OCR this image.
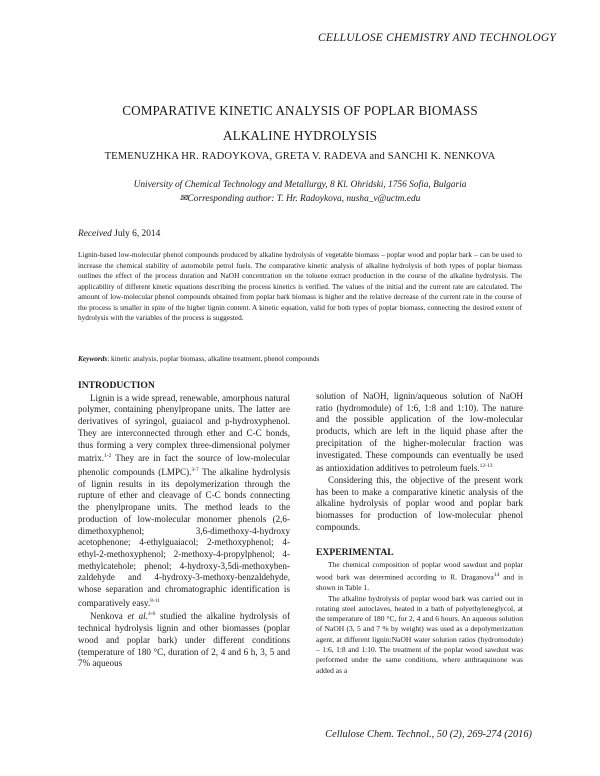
CELLULOSE CHEMISTRY AND TECHNOLOGY
COMPARATIVE KINETIC ANALYSIS OF POPLAR BIOMASS
ALKALINE HYDROLYSIS
TEMENUZHKA HR. RADOYKOVA, GRETA V. RADEVA and SANCHI K. NENKOVA
University of Chemical Technology and Metallurgy, 8 Kl. Ohridski, 1756 Sofia, Bulgaria
✉Corresponding author: T. Hr. Radoykova, nusha_v@uctm.edu
Received July 6, 2014
Lignin-based low-molecular phenol compounds produced by alkaline hydrolysis of vegetable biomass – poplar wood and poplar bark – can be used to increase the chemical stability of automobile petrol fuels. The comparative kinetic analysis of alkaline hydrolysis of both types of poplar biomass outlines the effect of the process duration and NaOH concentration on the toluene extract production in the course of the alkaline hydrolysis. The applicability of different kinetic equations describing the process kinetics is verified. The values of the initial and the current rate are calculated. The amount of low-molecular phenol compounds obtained from poplar bark biomass is higher and the relative decrease of the current rate in the course of the process is smaller in spite of the higher lignin content. A kinetic equation, valid for both types of poplar biomass, connecting the desired extent of hydrolysis with the variables of the process is suggested.
Keywords: kinetic analysis, poplar biomass, alkaline treatment, phenol compounds
INTRODUCTION
Lignin is a wide spread, renewable, amorphous natural polymer, containing phenylpropane units. The latter are derivatives of syringol, guaiacol and p-hydroxyphenol. They are interconnected through ether and C-C bonds, thus forming a very complex three-dimensional polymer matrix.$^{1-2}$ They are in fact the source of low-molecular phenolic compounds (LMPC).$^{3-7}$ The alkaline hydrolysis of lignin results in its depolymerization through the rupture of ether and cleavage of C-C bonds connecting the phenylpropane units. The method leads to the production of low-molecular monomer phenols (2,6-dimethoxyphenol; 3,6-dimethoxy-4-hydroxy acetophenone; 4-ethylguaiacol; 2-methoxyphenol; 4-ethyl-2-methoxyphenol; 2-methoxy-4-propylphenol; 4-methylcatehole; phenol; 4-hydroxy-3,5di-methoxyben-zaldehyde and 4-hydroxy-3-methoxy-benzaldehyde, whose separation and chromatographic identification is comparatively easy.$^{8-11}$
Nenkova et al.$^{4-6}$ studied the alkaline hydrolysis of technical hydrolysis lignin and other biomasses (poplar wood and poplar bark) under different conditions (temperature of 180 °C, duration of 2, 4 and 6 h, 3, 5 and 7% aqueous
solution of NaOH, lignin/aqueous solution of NaOH ratio (hydromodule) of 1:6, 1:8 and 1:10). The nature and the possible application of the low-molecular products, which are left in the liquid phase after the precipitation of the higher-molecular fraction was investigated. These compounds can eventually be used as antioxidation additives to petroleum fuels.$^{12-13}$
Considering this, the objective of the present work has been to make a comparative kinetic analysis of the alkaline hydrolysis of poplar wood and poplar bark biomasses for production of low-molecular phenol compounds.
EXPERIMENTAL
The chemical composition of poplar wood sawdust and poplar wood bark was determined according to R. Draganova$^{14}$ and is shown in Table 1.
The alkaline hydrolysis of poplar wood bark was carried out in rotating steel autoclaves, heated in a bath of polyethyleneglycol, at the temperature of 180 °C, for 2, 4 and 6 hours. An aqueous solution of NaOH (3, 5 and 7 % by weight) was used as a depolymerization agent, at different lignin:NaOH water solution ratios (hydromodule) – 1:6, 1:8 and 1:10. The treatment of the poplar wood sawdust was performed under the same conditions, where anthraquinone was added as a
Cellulose Chem. Technol., 50 (2), 269-274 (2016)
